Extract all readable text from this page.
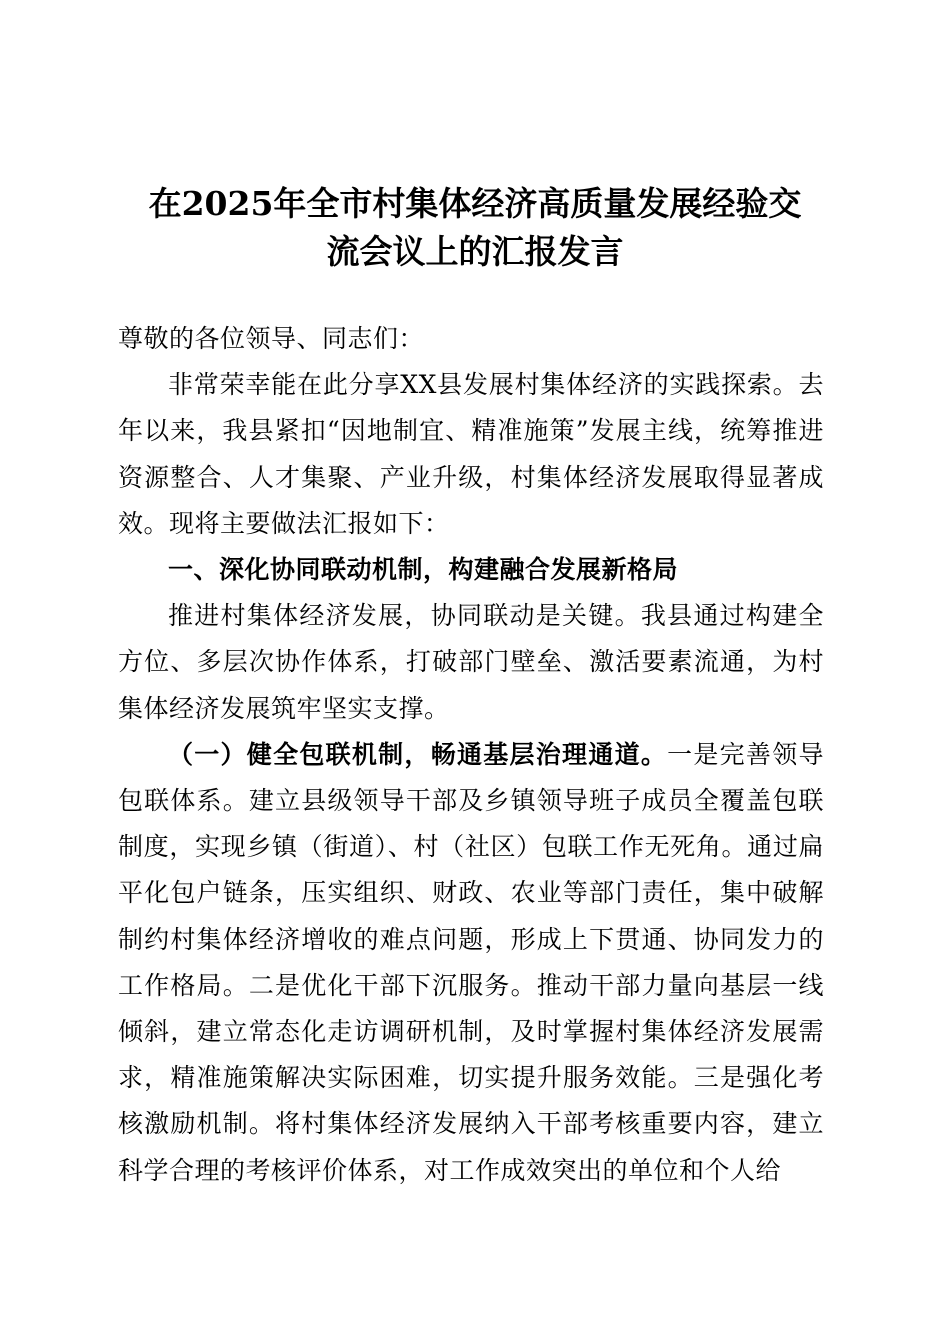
在2025年全市村集体经济高质量发展经验交
流会议上的汇报发言

尊敬的各位领导、同志们：

非常荣幸能在此分享XX县发展村集体经济的实践探索。去年以来，我县紧扣“因地制宜、精准施策”发展主线，统筹推进资源整合、人才集聚、产业升级，村集体经济发展取得显著成效。现将主要做法汇报如下：

一、深化协同联动机制，构建融合发展新格局

推进村集体经济发展，协同联动是关键。我县通过构建全方位、多层次协作体系，打破部门壁垒、激活要素流通，为村集体经济发展筑牢坚实支撑。

（一）健全包联机制，畅通基层治理通道。一是完善领导包联体系。建立县级领导干部及乡镇领导班子成员全覆盖包联制度，实现乡镇（街道）、村（社区）包联工作无死角。通过扁平化包户链条，压实组织、财政、农业等部门责任，集中破解制约村集体经济增收的难点问题，形成上下贯通、协同发力的工作格局。二是优化干部下沉服务。推动干部力量向基层一线倾斜，建立常态化走访调研机制，及时掌握村集体经济发展需求，精准施策解决实际困难，切实提升服务效能。三是强化考核激励机制。将村集体经济发展纳入干部考核重要内容，建立科学合理的考核评价体系，对工作成效突出的单位和个人给
